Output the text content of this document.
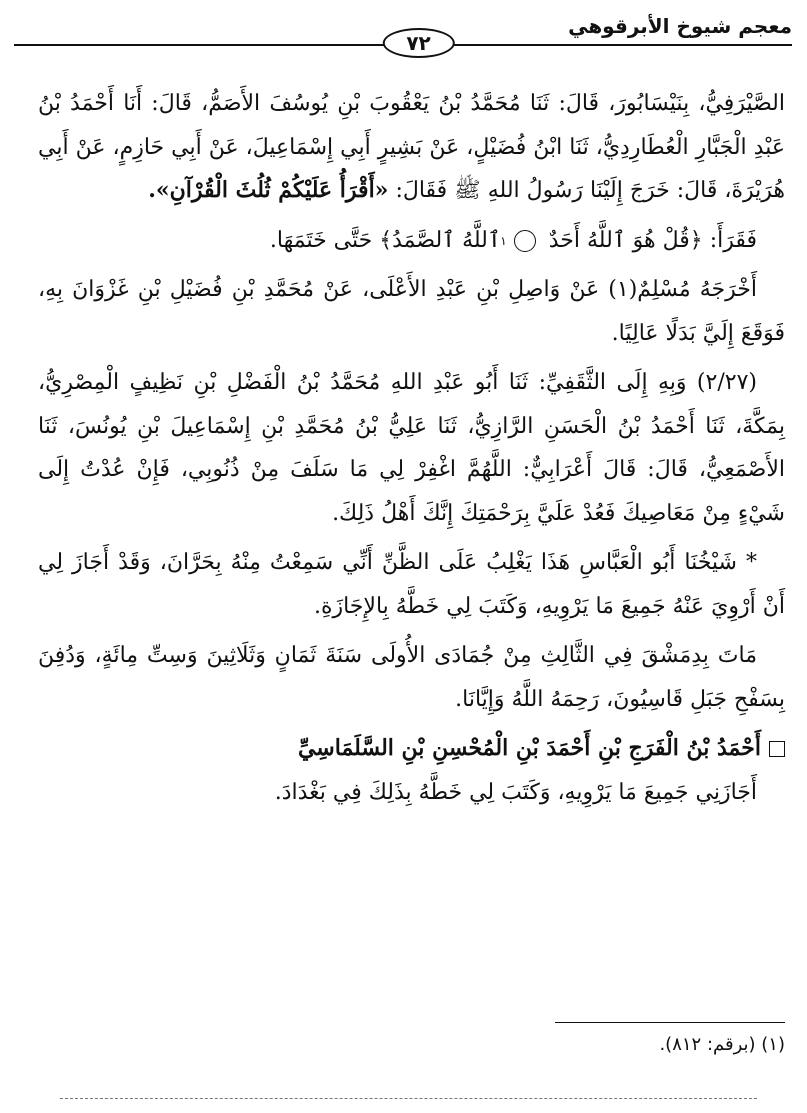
معجم شيوخ الأبرقوهي
٧٢

الصَّيْرَفِيُّ، بِنَيْسَابُورَ، قَالَ: ثَنَا مُحَمَّدُ بْنُ يَعْقُوبَ بْنِ يُوسُفَ الأَصَمُّ، قَالَ: أَنَا أَحْمَدُ بْنُ عَبْدِ الْجَبَّارِ الْعُطَارِدِيُّ، ثَنَا ابْنُ فُضَيْلٍ، عَنْ بَشِيرٍ أَبِي إِسْمَاعِيلَ، عَنْ أَبِي حَازِمٍ، عَنْ أَبِي هُرَيْرَةَ، قَالَ: خَرَجَ إِلَيْنَا رَسُولُ اللهِ ﷺ فَقَالَ: «أَقْرَأُ عَلَيْكُمْ ثُلُثَ الْقُرْآنِ».

فَقَرَأَ: ﴿قُلْ هُوَ ٱللَّهُ أَحَدٌ ١ ٱللَّهُ ٱلصَّمَدُ﴾ حَتَّى خَتَمَهَا.

أَخْرَجَهُ مُسْلِمٌ(١) عَنْ وَاصِلِ بْنِ عَبْدِ الأَعْلَى، عَنْ مُحَمَّدِ بْنِ فُضَيْلِ بْنِ غَزْوَانَ بِهِ، فَوَقَعَ إِلَيَّ بَدَلًا عَالِيًا.

(٢/٢٧) وَبِهِ إِلَى الثَّقَفِيِّ: ثَنَا أَبُو عَبْدِ اللهِ مُحَمَّدُ بْنُ الْفَضْلِ بْنِ نَظِيفٍ الْمِصْرِيُّ، بِمَكَّةَ، ثَنَا أَحْمَدُ بْنُ الْحَسَنِ الرَّازِيُّ، ثَنَا عَلِيُّ بْنُ مُحَمَّدِ بْنِ إِسْمَاعِيلَ بْنِ يُونُسَ، ثَنَا الأَصْمَعِيُّ، قَالَ: قَالَ أَعْرَابِيٌّ: اللَّهُمَّ اغْفِرْ لِي مَا سَلَفَ مِنْ ذُنُوبِي، فَإِنْ عُدْتُ إِلَى شَيْءٍ مِنْ مَعَاصِيكَ فَعُدْ عَلَيَّ بِرَحْمَتِكَ إِنَّكَ أَهْلُ ذَلِكَ.

* شَيْخُنَا أَبُو الْعَبَّاسِ هَذَا يَغْلِبُ عَلَى الظَّنِّ أَنِّي سَمِعْتُ مِنْهُ بِحَرَّانَ، وَقَدْ أَجَازَ لِي أَنْ أَرْوِيَ عَنْهُ جَمِيعَ مَا يَرْوِيهِ، وَكَتَبَ لِي خَطَّهُ بِالإِجَازَةِ.

مَاتَ بِدِمَشْقَ فِي الثَّالِثِ مِنْ جُمَادَى الأُولَى سَنَةَ ثَمَانٍ وَثَلَاثِينَ وَسِتِّ مِائَةٍ، وَدُفِنَ بِسَفْحِ جَبَلِ قَاسِيُونَ، رَحِمَهُ اللَّهُ وَإِيَّانَا.

أَحْمَدُ بْنُ الْفَرَجِ بْنِ أَحْمَدَ بْنِ الْمُحْسِنِ بْنِ السَّلَمَاسِيِّ

أَجَازَنِي جَمِيعَ مَا يَرْوِيهِ، وَكَتَبَ لِي خَطَّهُ بِذَلِكَ فِي بَغْدَادَ.

(١) (برقم: ٨١٢).
